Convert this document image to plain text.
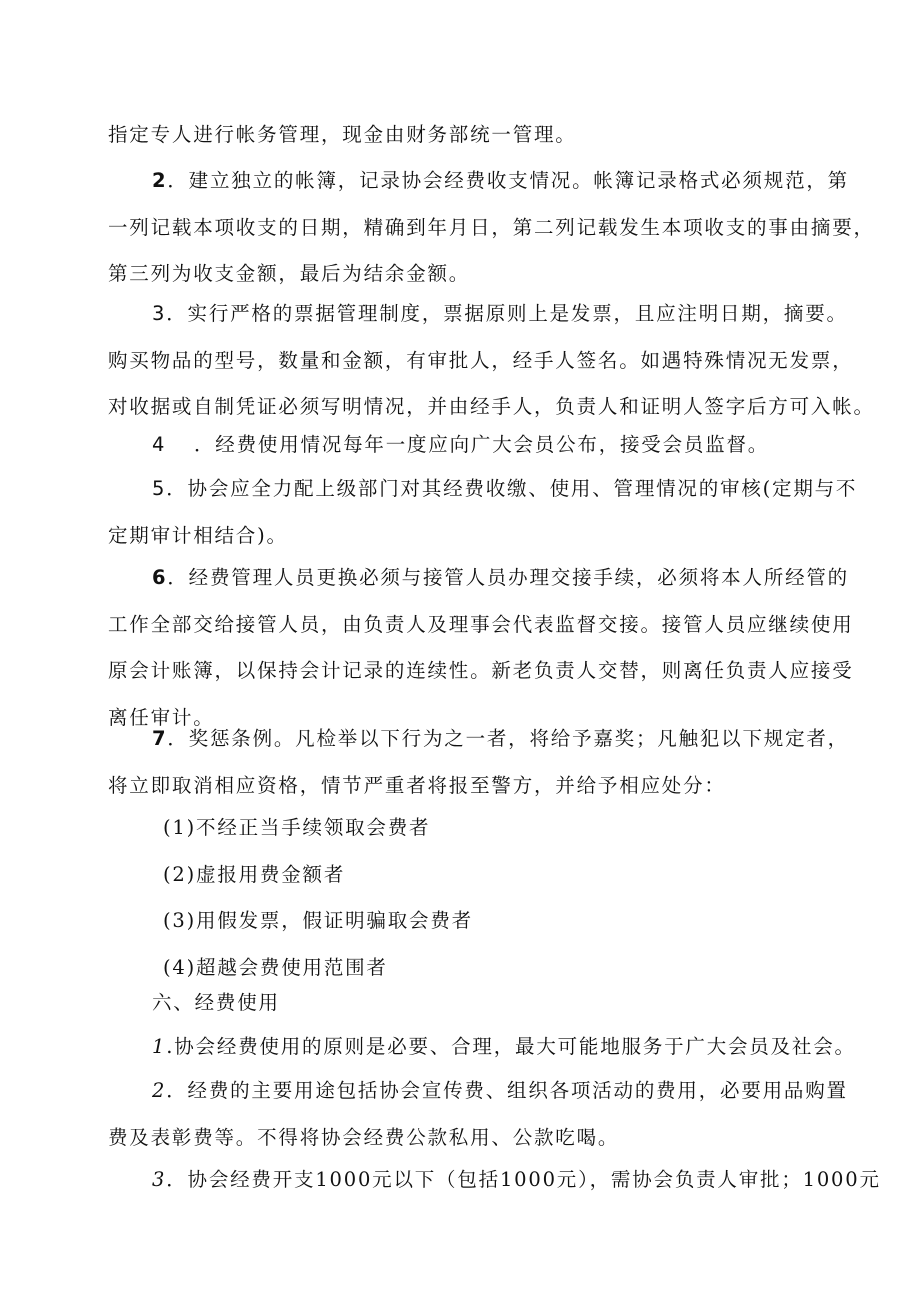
指定专人进行帐务管理，现金由财务部统一管理。
2．建立独立的帐簿，记录协会经费收支情况。帐簿记录格式必须规范，第
一列记载本项收支的日期，精确到年月日，第二列记载发生本项收支的事由摘要，
第三列为收支金额，最后为结余金额。
3．实行严格的票据管理制度，票据原则上是发票，且应注明日期，摘要。
购买物品的型号，数量和金额，有审批人，经手人签名。如遇特殊情况无发票，
对收据或自制凭证必须写明情况，并由经手人，负责人和证明人签字后方可入帐。
4 ．经费使用情况每年一度应向广大会员公布，接受会员监督。
5．协会应全力配上级部门对其经费收缴、使用、管理情况的审核(定期与不
定期审计相结合)。
6．经费管理人员更换必须与接管人员办理交接手续，必须将本人所经管的
工作全部交给接管人员，由负责人及理事会代表监督交接。接管人员应继续使用
原会计账簿，以保持会计记录的连续性。新老负责人交替，则离任负责人应接受
离任审计。
7．奖惩条例。凡检举以下行为之一者，将给予嘉奖；凡触犯以下规定者，
将立即取消相应资格，情节严重者将报至警方，并给予相应处分：
(1)不经正当手续领取会费者
(2)虚报用费金额者
(3)用假发票，假证明骗取会费者
(4)超越会费使用范围者
六、经费使用
1.协会经费使用的原则是必要、合理，最大可能地服务于广大会员及社会。
2．经费的主要用途包括协会宣传费、组织各项活动的费用，必要用品购置
费及表彰费等。不得将协会经费公款私用、公款吃喝。
3．协会经费开支1000元以下（包括1000元），需协会负责人审批；1000元
